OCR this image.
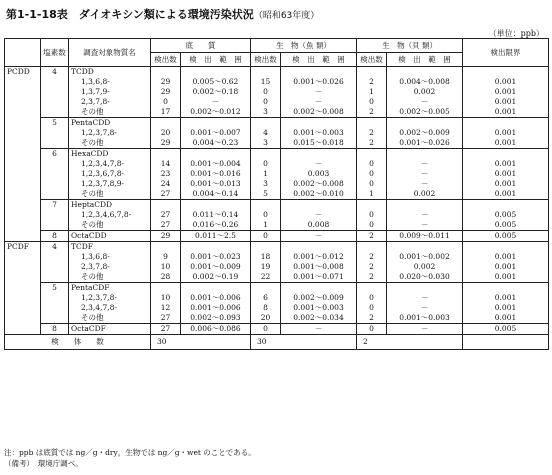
第1-1-18表　ダイオキシン類による環境汚染状況（昭和63年度）
（単位：ppb）
	塩素数	調査対象物質名	底　　質		生　物（魚 類）		生　物（貝 類）		検出限界
			検出数	検　出　範　囲	検出数	検　出　範　囲	検出数	検　出　範　囲	
PCDD	4	TCDD							
		1,3,6,8-	29	0.005～0.62	15	0.001～0.026	2	0.004～0.008	0.001
		1,3,7,9-	29	0.002～0.18	0	－	1	0.002	0.001
		2,3,7,8-	0	－	0	－	0	－	0.001
		その他	17	0.002～0.012	3	0.002～0.008	2	0.002～0.005	0.001
	5	PentaCDD							
		1,2,3,7,8-	20	0.001～0.007	4	0.001～0.003	2	0.002～0.009	0.001
		その他	29	0.004～0.23	3	0.015～0.018	2	0.001～0.026	0.001
	6	HexaCDD							
		1,2,3,4,7,8-	14	0.001～0.004	0	－	0	－	0.001
		1,2,3,6,7,8-	23	0.001～0.016	1	0.003	0	－	0.001
		1,2,3,7,8,9-	24	0.001～0.013	3	0.002～0.008	0	－	0.001
		その他	27	0.004～0.14	5	0.002～0.010	1	0.002	0.001
	7	HeptaCDD							
		1,2,3,4,6,7,8-	27	0.011～0.14	0	－	0	－	0.005
		その他	27	0.016～0.26	1	0.008	0	－	0.005
	8	OctaCDD	29	0.011～2.5	0	－	2	0.009～0.011	0.005
PCDF	4	TCDF							
		1,3,6,8-	9	0.001～0.023	18	0.001～0.012	2	0.001～0.002	0.001
		2,3,7,8-	10	0.001～0.009	19	0.001～0.008	2	0.002	0.001
		その他	28	0.002～0.19	22	0.001～0.071	2	0.020～0.030	0.001
	5	PentaCDF							
		1,2,3,7,8-	10	0.001～0.006	6	0.002～0.009	0	－	0.001
		2,3,4,7,8-	12	0.001～0.006	8	0.001～0.003	0	－	0.001
		その他	27	0.002～0.093	20	0.002～0.034	2	0.001～0.003	0.001
	8	OctaCDF	27	0.006～0.086	0	－	0	－	0.005
検　　体　　数			30		30		2		
注：ppb は底質では ng／g・dry，生物では ng／g・wet のことである。
（備考）　環境庁調べ。
